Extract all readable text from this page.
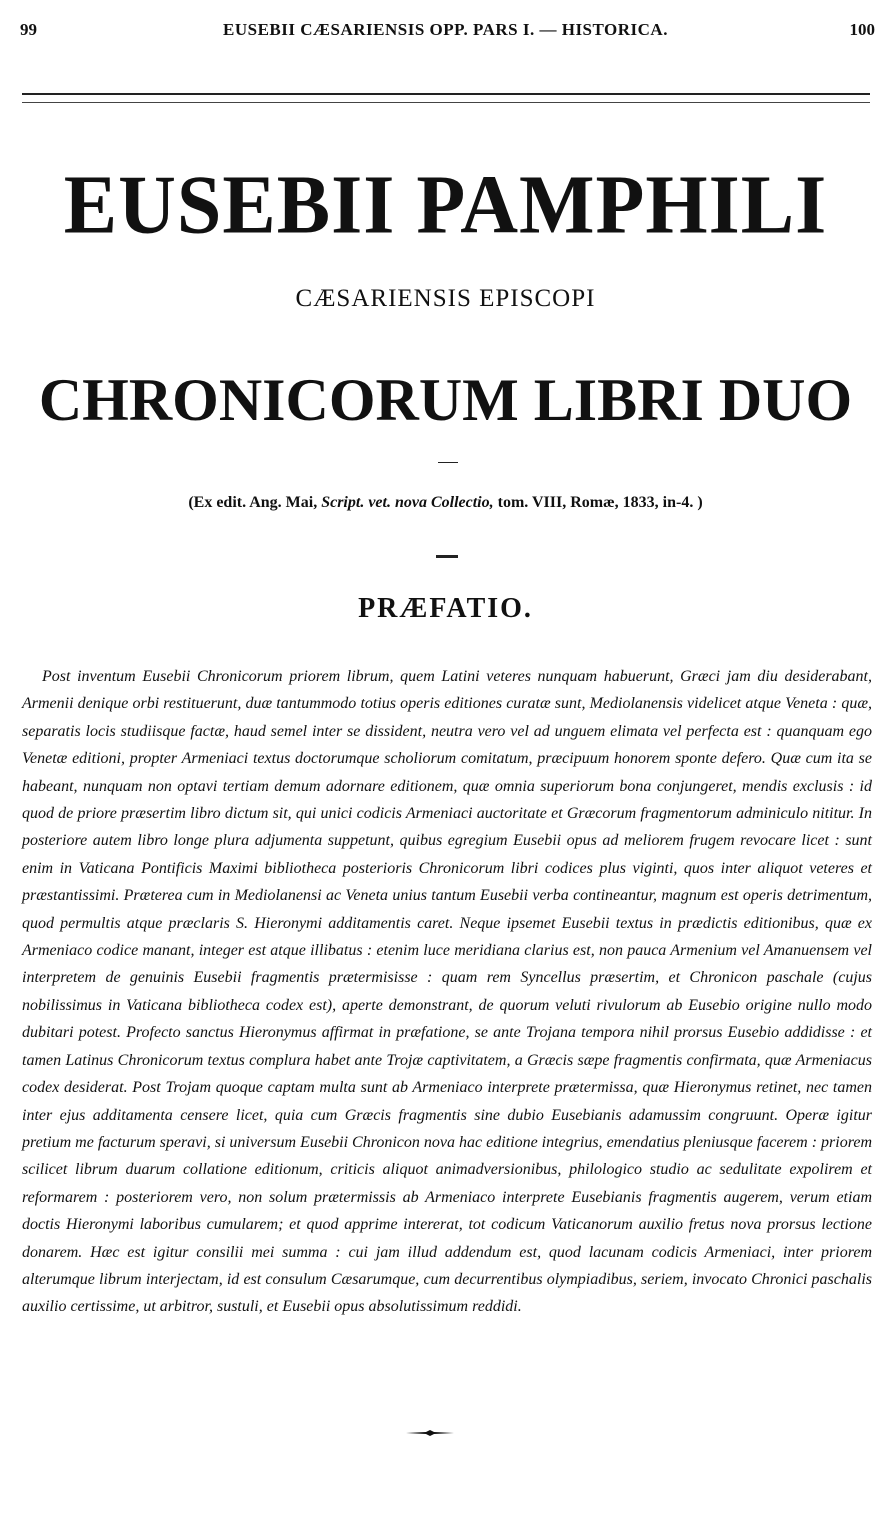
99	EUSEBII CÆSARIENSIS OPP. PARS I. — HISTORICA.	100
EUSEBII PAMPHILI
CÆSARIENSIS EPISCOPI
CHRONICORUM LIBRI DUO
(Ex edit. Ang. Mai, Script. vet. nova Collectio, tom. VIII, Romæ, 1833, in-4. )
PRÆFATIO.
Post inventum Eusebii Chronicorum priorem librum, quem Latini veteres nunquam habuerunt, Græci jam diu desiderabant, Armenii denique orbi restituerunt, duæ tantummodo totius operis editiones curatæ sunt, Mediolanensis videlicet atque Veneta : quæ, separatis locis studiisque factæ, haud semel inter se dissident, neutra vero vel ad unguem elimata vel perfecta est : quanquam ego Venetæ editioni, propter Armeniaci textus doctorumque scholiorum comitatum, præcipuum honorem sponte defero. Quæ cum ita se habeant, nunquam non optavi tertiam demum adornare editionem, quæ omnia superiorum bona conjungeret, mendis exclusis : id quod de priore præsertim libro dictum sit, qui unici codicis Armeniaci auctoritate et Græcorum fragmentorum adminiculo nititur. In posteriore autem libro longe plura adjumenta suppetunt, quibus egregium Eusebii opus ad meliorem frugem revocare licet : sunt enim in Vaticana Pontificis Maximi bibliotheca posterioris Chronicorum libri codices plus viginti, quos inter aliquot veteres et præstantissimi. Præterea cum in Mediolanensi ac Veneta unius tantum Eusebii verba contineantur, magnum est operis detrimentum, quod permultis atque præclaris S. Hieronymi additamentis caret. Neque ipsemet Eusebii textus in prædictis editionibus, quæ ex Armeniaco codice manant, integer est atque illibatus : etenim luce meridiana clarius est, non pauca Armenium vel Amanuensem vel interpretem de genuinis Eusebii fragmentis prætermisisse : quam rem Syncellus præsertim, et Chronicon paschale (cujus nobilissimus in Vaticana bibliotheca codex est), aperte demonstrant, de quorum veluti rivulorum ab Eusebio origine nullo modo dubitari potest. Profecto sanctus Hieronymus affirmat in præfatione, se ante Trojana tempora nihil prorsus Eusebio addidisse : et tamen Latinus Chronicorum textus complura habet ante Trojæ captivitatem, a Græcis sæpe fragmentis confirmata, quæ Armeniacus codex desiderat. Post Trojam quoque captam multa sunt ab Armeniaco interprete prætermissa, quæ Hieronymus retinet, nec tamen inter ejus additamenta censere licet, quia cum Græcis fragmentis sine dubio Eusebianis adamussim congruunt. Operæ igitur pretium me facturum speravi, si universum Eusebii Chronicon nova hac editione integrius, emendatius pleniusque facerem : priorem scilicet librum duarum collatione editionum, criticis aliquot animadversionibus, philologico studio ac sedulitate expolirem et reformarem : posteriorem vero, non solum prætermissis ab Armeniaco interprete Eusebianis fragmentis augerem, verum etiam doctis Hieronymi laboribus cumularem; et quod apprime intererat, tot codicum Vaticanorum auxilio fretus nova prorsus lectione donarem. Hæc est igitur consilii mei summa : cui jam illud addendum est, quod lacunam codicis Armeniaci, inter priorem alterumque librum interjectam, id est consulum Cæsarumque, cum decurrentibus olympiadibus, seriem, invocato Chronici paschalis auxilio certissime, ut arbitror, sustuli, et Eusebii opus absolutissimum reddidi.
